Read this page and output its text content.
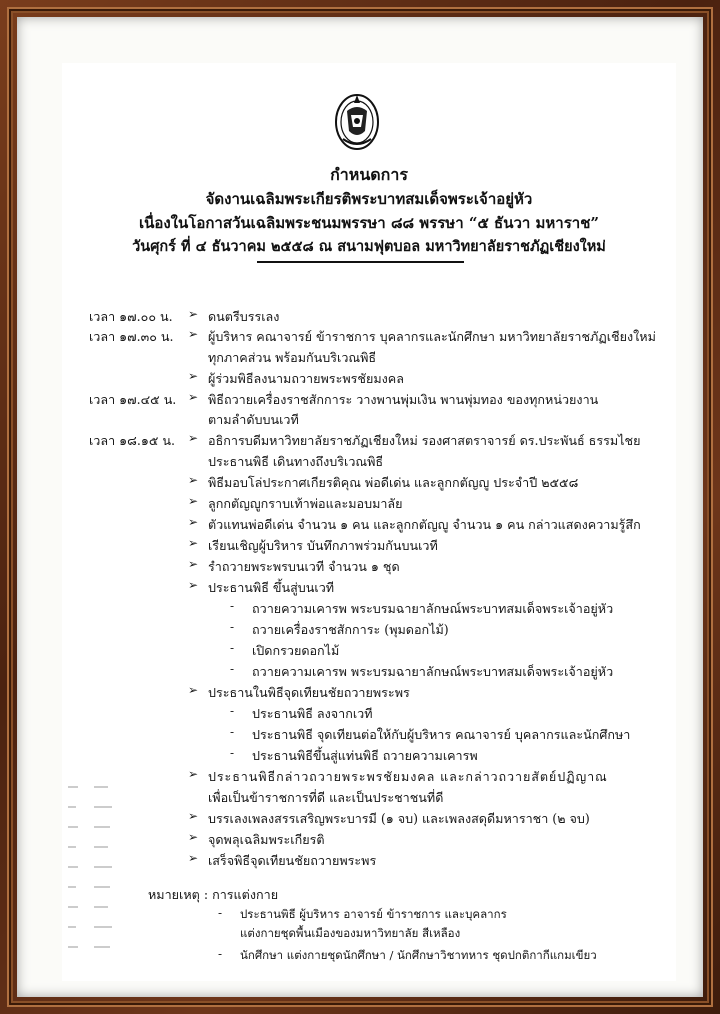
กำหนดการ
จัดงานเฉลิมพระเกียรติพระบาทสมเด็จพระเจ้าอยู่หัว
เนื่องในโอกาสวันเฉลิมพระชนมพรรษา ๘๘ พรรษา “๕ ธันวา มหาราช”
วันศุกร์ ที่ ๔ ธันวาคม ๒๕๕๘ ณ สนามฟุตบอล มหาวิทยาลัยราชภัฏเชียงใหม่
เวลา ๑๗.๐๐ น. ➢ ดนตรีบรรเลง
เวลา ๑๗.๓๐ น. ➢ ผู้บริหาร คณาจารย์ ข้าราชการ บุคลากรและนักศึกษา มหาวิทยาลัยราชภัฏเชียงใหม่
ทุกภาคส่วน พร้อมกันบริเวณพิธี
➢ ผู้ร่วมพิธีลงนามถวายพระพรชัยมงคล
เวลา ๑๗.๔๕ น. ➢ พิธีถวายเครื่องราชสักการะ วางพานพุ่มเงิน พานพุ่มทอง ของทุกหน่วยงาน
ตามลำดับบนเวที
เวลา ๑๘.๑๕ น. ➢ อธิการบดีมหาวิทยาลัยราชภัฏเชียงใหม่ รองศาสตราจารย์ ดร.ประพันธ์ ธรรมไชย
ประธานพิธี เดินทางถึงบริเวณพิธี
➢ พิธีมอบโล่ประกาศเกียรติคุณ พ่อดีเด่น และลูกกตัญญู ประจำปี ๒๕๕๘
➢ ลูกกตัญญูกราบเท้าพ่อและมอบมาลัย
➢ ตัวแทนพ่อดีเด่น จำนวน ๑ คน และลูกกตัญญู จำนวน ๑ คน กล่าวแสดงความรู้สึก
➢ เรียนเชิญผู้บริหาร บันทึกภาพร่วมกันบนเวที
➢ รำถวายพระพรบนเวที จำนวน ๑ ชุด
➢ ประธานพิธี ขึ้นสู่บนเวที
- ถวายความเคารพ พระบรมฉายาลักษณ์พระบาทสมเด็จพระเจ้าอยู่หัว
- ถวายเครื่องราชสักการะ (พุมดอกไม้)
- เปิดกรวยดอกไม้
- ถวายความเคารพ พระบรมฉายาลักษณ์พระบาทสมเด็จพระเจ้าอยู่หัว
➢ ประธานในพิธีจุดเทียนชัยถวายพระพร
- ประธานพิธี ลงจากเวที
- ประธานพิธี จุดเทียนต่อให้กับผู้บริหาร คณาจารย์ บุคลากรและนักศึกษา
- ประธานพิธีขึ้นสู่แท่นพิธี ถวายความเคารพ
➢ ประธานพิธีกล่าวถวายพระพรชัยมงคล และกล่าวถวายสัตย์ปฏิญาณ
เพื่อเป็นข้าราชการที่ดี และเป็นประชาชนที่ดี
➢ บรรเลงเพลงสรรเสริญพระบารมี (๑ จบ) และเพลงสดุดีมหาราชา (๒ จบ)
➢ จุดพลุเฉลิมพระเกียรติ
➢ เสร็จพิธีจุดเทียนชัยถวายพระพร
หมายเหตุ : การแต่งกาย
- ประธานพิธี ผู้บริหาร อาจารย์ ข้าราชการ และบุคลากร
แต่งกายชุดพื้นเมืองของมหาวิทยาลัย สีเหลือง
- นักศึกษา แต่งกายชุดนักศึกษา / นักศึกษาวิชาทหาร ชุดปกติกากีแกมเขียว
